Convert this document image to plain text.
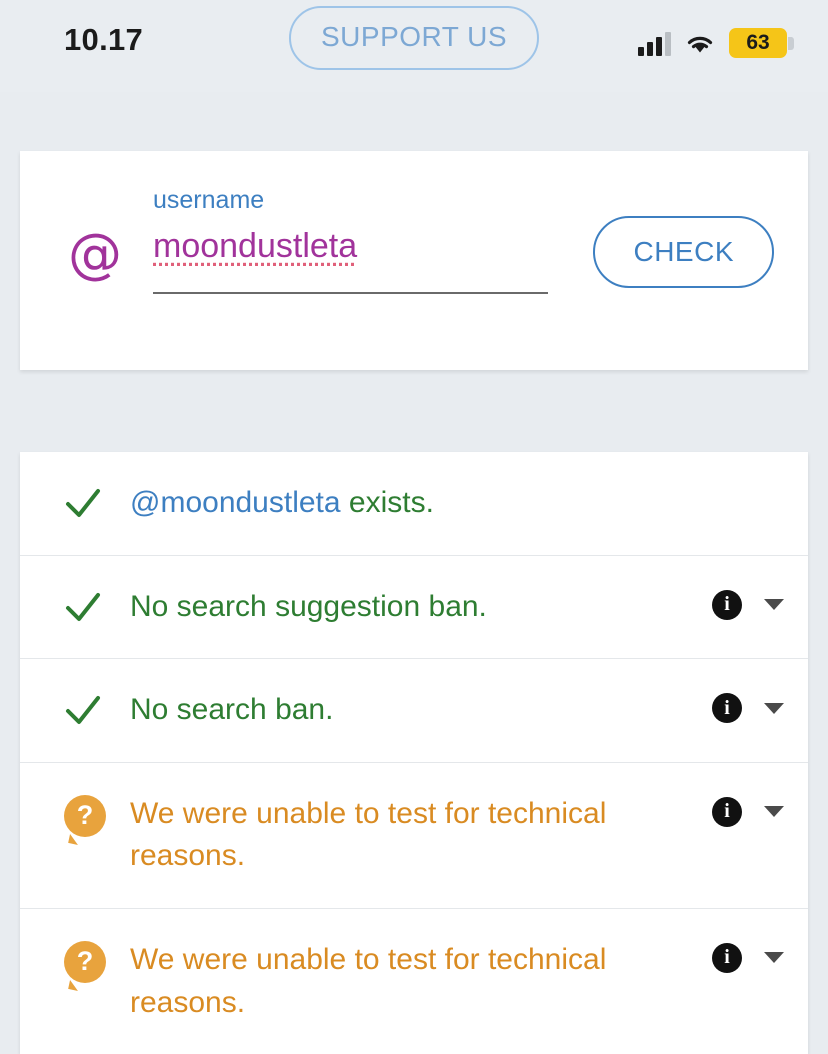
10.17	SUPPORT US	63
@
username
moondustleta
CHECK
@moondustleta exists.
No search suggestion ban.	i
No search ban.	i
?	We were unable to test for technical reasons.
i
?	We were unable to test for technical reasons.
i
